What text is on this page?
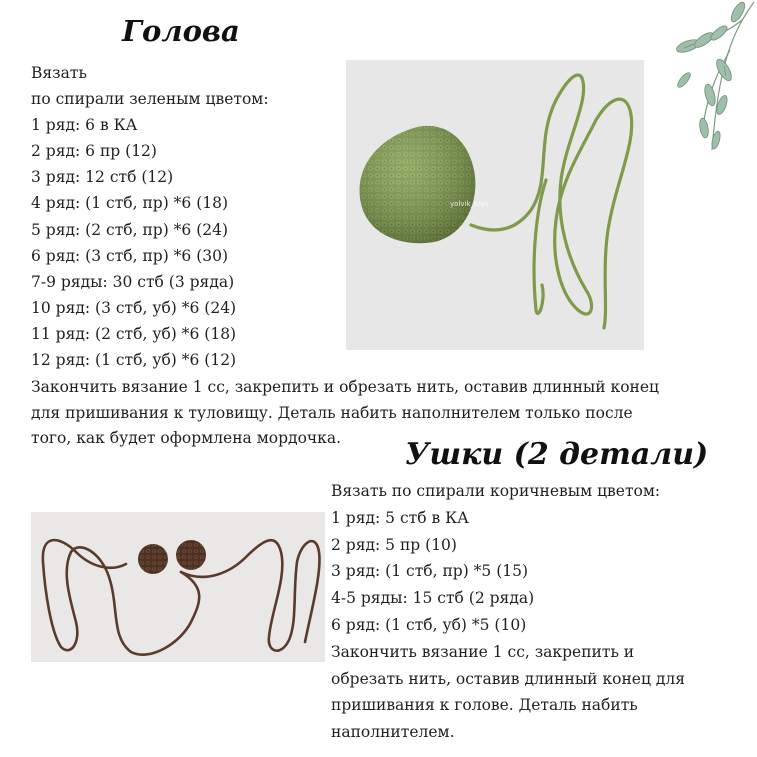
Голова
Вязать
по спирали зеленым цветом:
1 ряд: 6 в КА
2 ряд: 6 пр (12)
3 ряд: 12 стб (12)
4 ряд: (1 стб, пр) *6 (18)
5 ряд: (2 стб, пр) *6 (24)
6 ряд: (3 стб, пр) *6 (30)
7-9 ряды: 30 стб (3 ряда)
10 ряд: (3 стб, уб) *6 (24)
11 ряд: (2 стб, уб) *6 (18)
12 ряд: (1 стб, уб) *6 (12)
Закончить вязание 1 сс, закрепить и обрезать нить, оставив длинный конец
для пришивания к туловищу. Деталь набить наполнителем только после
того, как будет оформлена мордочка.
yolvik_toys
Ушки (2 детали)
Вязать по спирали коричневым цветом:
1 ряд: 5 стб в КА
2 ряд: 5 пр (10)
3 ряд: (1 стб, пр) *5 (15)
4-5 ряды: 15 стб (2 ряда)
6 ряд: (1 стб, уб) *5 (10)
Закончить вязание 1 сс, закрепить и
обрезать нить, оставив длинный конец для
пришивания к голове. Деталь набить
наполнителем.
